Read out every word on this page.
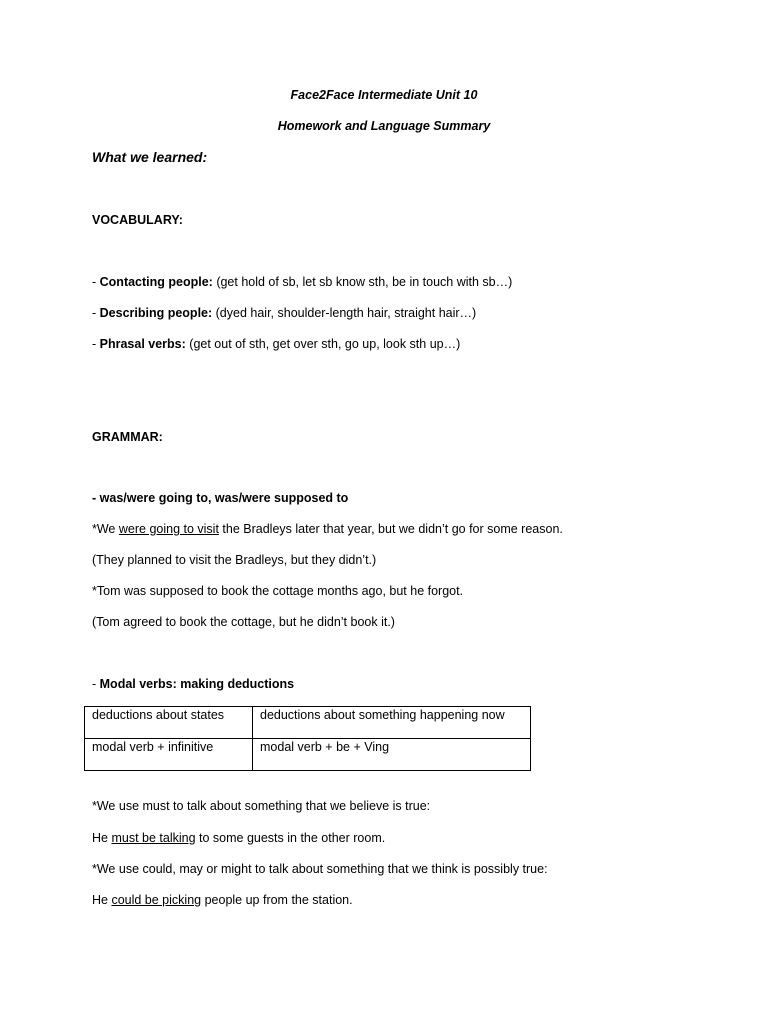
Face2Face Intermediate Unit 10
Homework and Language Summary
What we learned:
VOCABULARY:
- Contacting people: (get hold of sb, let sb know sth, be in touch with sb…)
- Describing people: (dyed hair, shoulder-length hair, straight hair…)
- Phrasal verbs: (get out of sth, get over sth, go up, look sth up…)
GRAMMAR:
- was/were going to, was/were supposed to
*We were going to visit the Bradleys later that year, but we didn’t go for some reason.
(They planned to visit the Bradleys, but they didn’t.)
*Tom was supposed to book the cottage months ago, but he forgot.
(Tom agreed to book the cottage, but he didn’t book it.)
- Modal verbs: making deductions
deductions about states	deductions about something happening now
modal verb + infinitive	modal verb + be + Ving
*We use must to talk about something that we believe is true:
He must be talking to some guests in the other room.
*We use could, may or might to talk about something that we think is possibly true:
He could be picking people up from the station.
